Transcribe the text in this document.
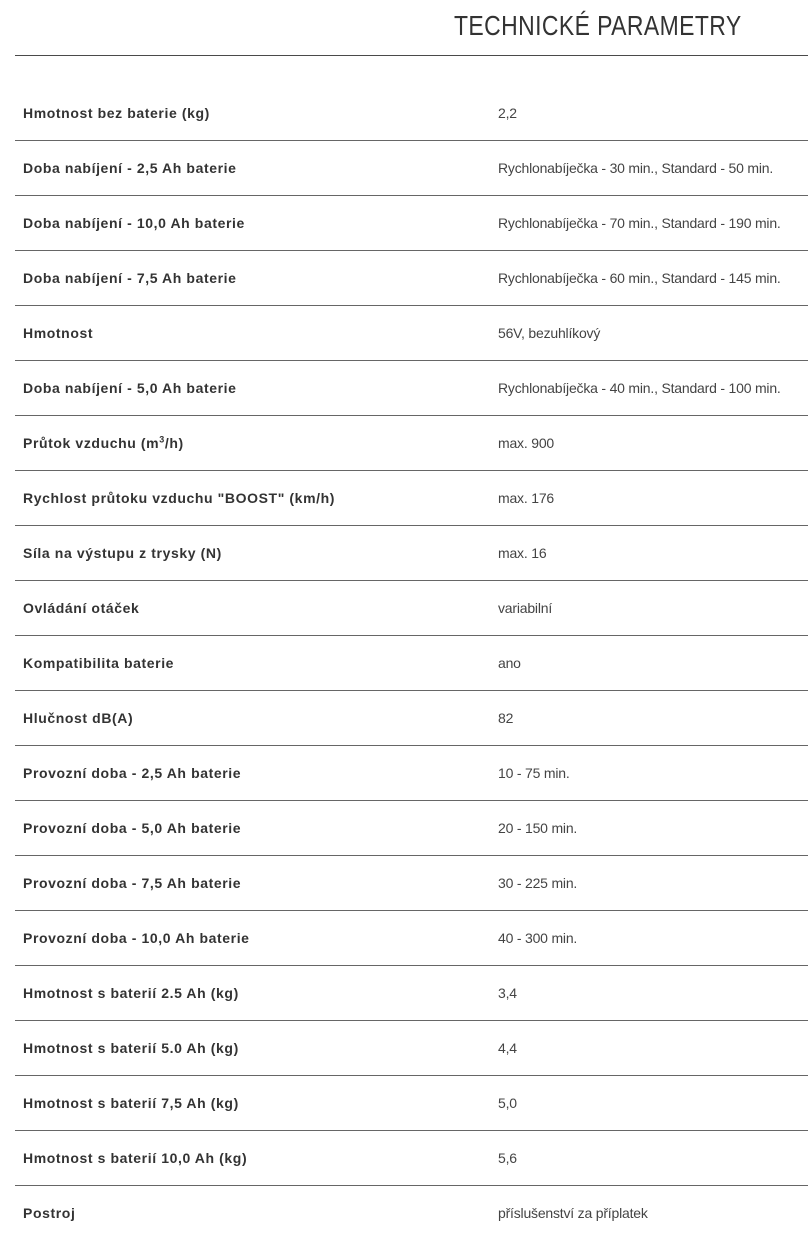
TECHNICKÉ PARAMETRY
Hmotnost bez baterie (kg)	2,2
Doba nabíjení - 2,5 Ah baterie	Rychlonabíječka - 30 min., Standard - 50 min.
Doba nabíjení - 10,0 Ah baterie	Rychlonabíječka - 70 min., Standard - 190 min.
Doba nabíjení - 7,5 Ah baterie	Rychlonabíječka - 60 min., Standard - 145 min.
Hmotnost	56V, bezuhlíkový
Doba nabíjení - 5,0 Ah baterie	Rychlonabíječka - 40 min., Standard - 100 min.
Průtok vzduchu $(m^3/h)$	max. 900
Rychlost průtoku vzduchu "BOOST" (km/h)	max. 176
Síla na výstupu z trysky (N)	max. 16
Ovládání otáček	variabilní
Kompatibilita baterie	ano
Hlučnost dB(A)	82
Provozní doba - 2,5 Ah baterie	10 - 75 min.
Provozní doba - 5,0 Ah baterie	20 - 150 min.
Provozní doba - 7,5 Ah baterie	30 - 225 min.
Provozní doba - 10,0 Ah baterie	40 - 300 min.
Hmotnost s baterií 2.5 Ah (kg)	3,4
Hmotnost s baterií 5.0 Ah (kg)	4,4
Hmotnost s baterií 7,5 Ah (kg)	5,0
Hmotnost s baterií 10,0 Ah (kg)	5,6
Postroj	příslušenství za příplatek
